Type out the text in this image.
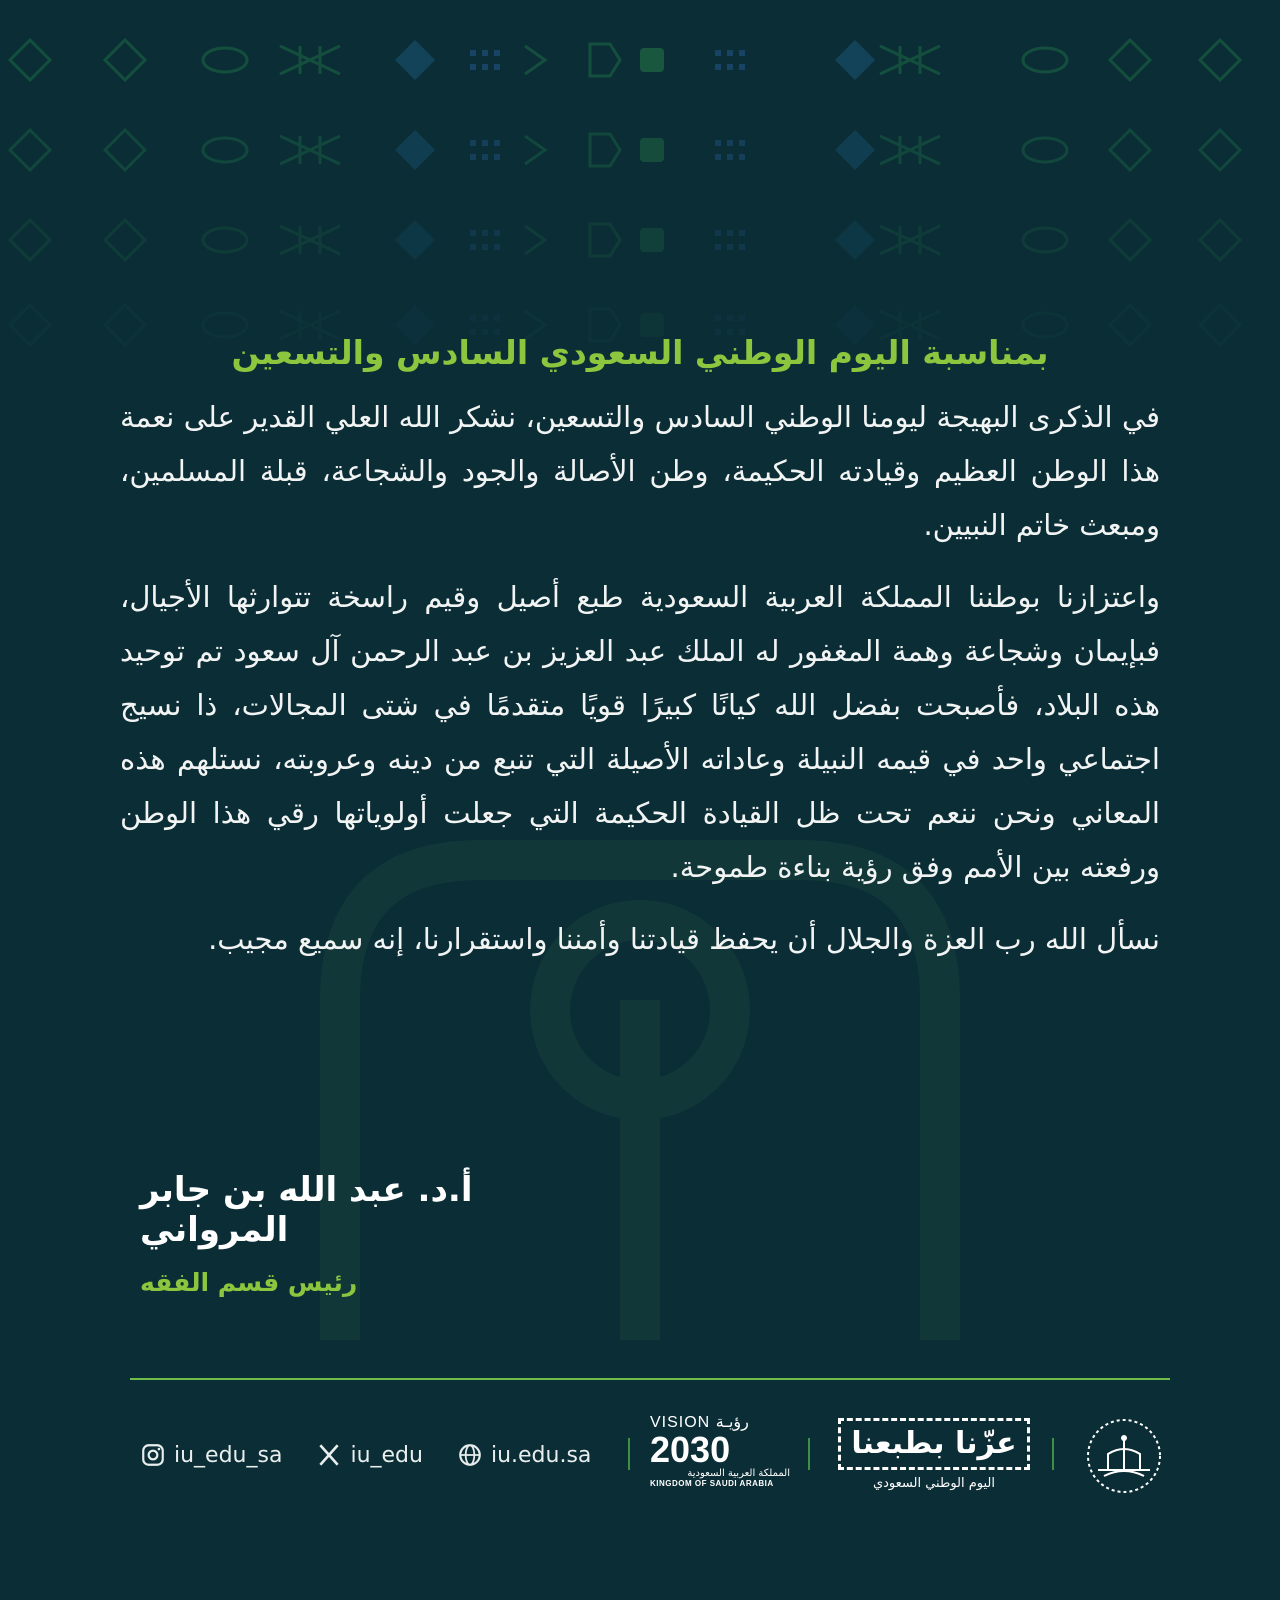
بمناسبة اليوم الوطني السعودي السادس والتسعين

في الذكرى البهيجة ليومنا الوطني السادس والتسعين، نشكر الله العلي القدير على نعمة هذا الوطن العظيم وقيادته الحكيمة، وطن الأصالة والجود والشجاعة، قبلة المسلمين، ومبعث خاتم النبيين.

واعتزازنا بوطننا المملكة العربية السعودية طبع أصيل وقيم راسخة تتوارثها الأجيال، فبإيمان وشجاعة وهمة المغفور له الملك عبد العزيز بن عبد الرحمن آل سعود تم توحيد هذه البلاد، فأصبحت بفضل الله كيانًا كبيرًا قويًا متقدمًا في شتى المجالات، ذا نسيج اجتماعي واحد في قيمه النبيلة وعاداته الأصيلة التي تنبع من دينه وعروبته، نستلهم هذه المعاني ونحن ننعم تحت ظل القيادة الحكيمة التي جعلت أولوياتها رقي هذا الوطن ورفعته بين الأمم وفق رؤية بناءة طموحة.

نسأل الله رب العزة والجلال أن يحفظ قيادتنا وأمننا واستقرارنا، إنه سميع مجيب.

أ.د. عبد الله بن جابر المرواني

رئيس قسم الفقه
iu_edu_sa	iu_edu	iu.edu.sa
VISION رؤيـة
2030
المملكة العربية السعودية
KINGDOM OF SAUDI ARABIA
عزّنا بطبعنا
اليوم الوطني السعودي
